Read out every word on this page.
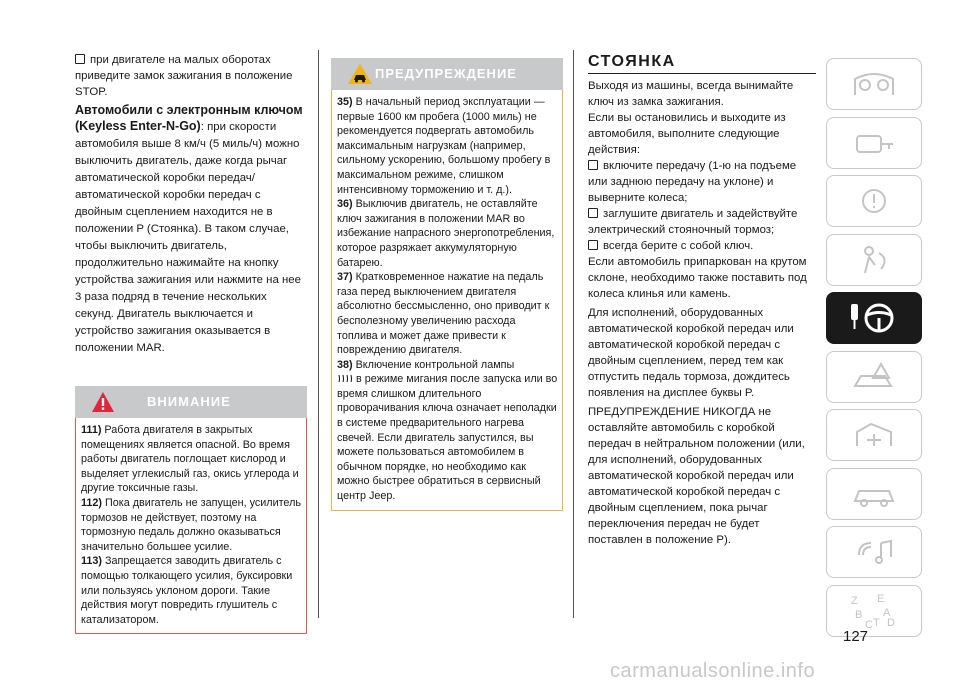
при двигателе на малых оборотах приведите замок зажигания в положение STOP.

Автомобили с электронным ключом (Keyless Enter-N-Go): при скорости автомобиля выше 8 км/ч (5 миль/ч) можно выключить двигатель, даже когда рычаг автоматической коробки передач/автоматической коробки передач с двойным сцеплением находится не в положении P (Стоянка). В таком случае, чтобы выключить двигатель, продолжительно нажимайте на кнопку устройства зажигания или нажмите на нее 3 раза подряд в течение нескольких секунд. Двигатель выключается и устройство зажигания оказывается в положении MAR.

ВНИМАНИЕ

111) Работа двигателя в закрытых помещениях является опасной. Во время работы двигатель поглощает кислород и выделяет углекислый газ, окись углерода и другие токсичные газы.

112) Пока двигатель не запущен, усилитель тормозов не действует, поэтому на тормозную педаль должно оказываться значительно большее усилие.

113) Запрещается заводить двигатель с помощью толкающего усилия, буксировки или пользуясь уклоном дороги. Такие действия могут повредить глушитель с катализатором.

ПРЕДУПРЕЖДЕНИЕ

35) В начальный период эксплуатации — первые 1600 км пробега (1000 миль) не рекомендуется подвергать автомобиль максимальным нагрузкам (например, сильному ускорению, большому пробегу в максимальном режиме, слишком интенсивному торможению и т. д.).

36) Выключив двигатель, не оставляйте ключ зажигания в положении MAR во избежание напрасного энергопотребления, которое разряжает аккумуляторную батарею.

37) Кратковременное нажатие на педаль газа перед выключением двигателя абсолютно бессмысленно, оно приводит к бесполезному увеличению расхода топлива и может даже привести к повреждению двигателя.

38) Включение контрольной лампы

в режиме мигания после запуска или во время слишком длительного проворачивания ключа означает неполадки в системе предварительного нагрева свечей. Если двигатель запустился, вы можете пользоваться автомобилем в обычном порядке, но необходимо как можно быстрее обратиться в сервисный центр Jeep.

СТОЯНКА

Выходя из машины, всегда вынимайте ключ из замка зажигания.

Если вы остановились и выходите из автомобиля, выполните следующие действия:

включите передачу (1-ю на подъеме или заднюю передачу на уклоне) и выверните колеса;

заглушите двигатель и задействуйте электрический стояночный тормоз;

всегда берите с собой ключ.

Если автомобиль припаркован на крутом склоне, необходимо также поставить под колеса клинья или камень.

Для исполнений, оборудованных автоматической коробкой передач или автоматической коробкой передач с двойным сцеплением, перед тем как отпустить педаль тормоза, дождитесь появления на дисплее буквы P.

ПРЕДУПРЕЖДЕНИЕ НИКОГДА не оставляйте автомобиль с коробкой передач в нейтральном положении (или, для исполнений, оборудованных автоматической коробкой передач или автоматической коробкой передач с двойным сцеплением, пока рычаг переключения передач не будет поставлен в положение P).

Z E
B A
C T D
127
carmanualsonline.info
